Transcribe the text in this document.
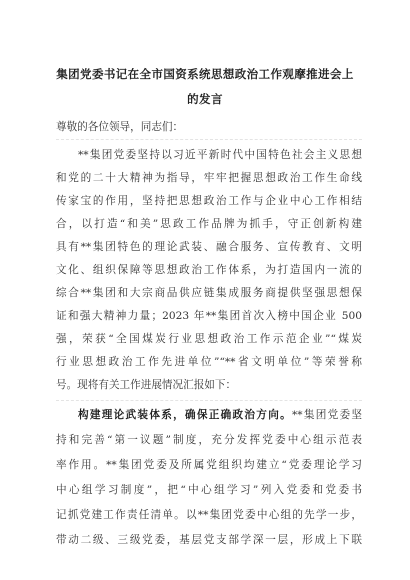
集团党委书记在全市国资系统思想政治工作观摩推进会上
的发言
尊敬的各位领导，同志们：
**集团党委坚持以习近平新时代中国特色社会主义思想
和党的二十大精神为指导，牢牢把握思想政治工作生命线
传家宝的作用，坚持把思想政治工作与企业中心工作相结
合，以打造“和美”思政工作品牌为抓手，守正创新构建
具有**集团特色的理论武装、融合服务、宣传教育、文明
文化、组织保障等思想政治工作体系，为打造国内一流的
综合**集团和大宗商品供应链集成服务商提供坚强思想保
证和强大精神力量；2023 年**集团首次入榜中国企业 500
强，荣获“全国煤炭行业思想政治工作示范企业”“煤炭
行业思想政治工作先进单位”“**省文明单位”等荣誉称
号。现将有关工作进展情况汇报如下：
构建理论武装体系，确保正确政治方向。**集团党委坚
持和完善“第一议题”制度，充分发挥党委中心组示范表
率作用。**集团党委及所属党组织均建立“党委理论学习
中心组学习制度”，把“中心组学习”列入党委和党委书
记抓党建工作责任清单。以**集团党委中心组的先学一步，
带动二级、三级党委，基层党支部学深一层，形成上下联
